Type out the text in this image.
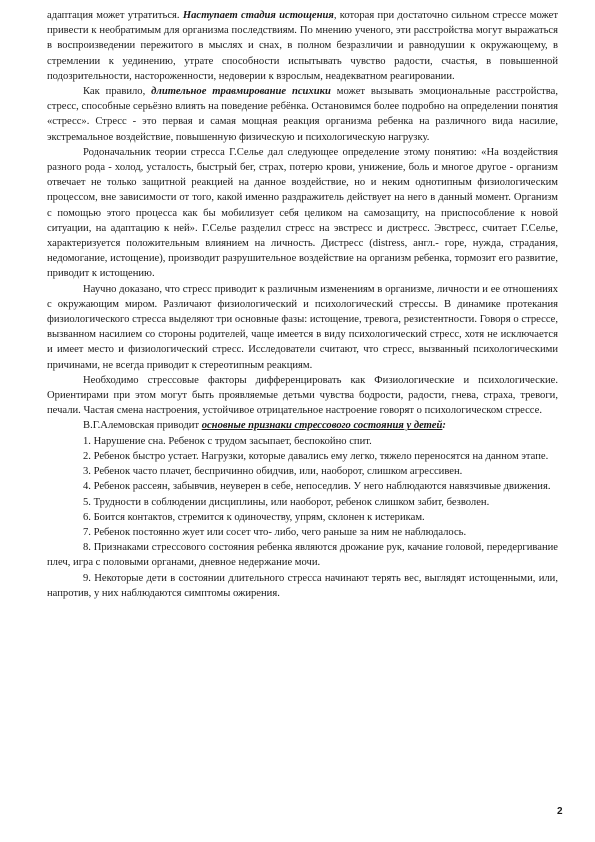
адаптация может утратиться. Наступает стадия истощения, которая при достаточно сильном стрессе может привести к необратимым для организма последствиям. По мнению ученого, эти расстройства могут выражаться в воспроизведении пережитого в мыслях и снах, в полном безразличии и равнодушии к окружающему, в стремлении к уединению, утрате способности испытывать чувство радости, счастья, в повышенной подозрительности, настороженности, недоверии к взрослым, неадекватном реагировании.

Как правило, длительное травмирование психики может вызывать эмоциональные расстройства, стресс, способные серьёзно влиять на поведение ребёнка. Остановимся более подробно на определении понятия «стресс». Стресс - это первая и самая мощная реакция организма ребенка на различного вида насилие, экстремальное воздействие, повышенную физическую и психологическую нагрузку.

Родоначальник теории стресса Г.Селье дал следующее определение этому понятию: «На воздействия разного рода - холод, усталость, быстрый бег, страх, потерю крови, унижение, боль и многое другое - организм отвечает не только защитной реакцией на данное воздействие, но и неким однотипным физиологическим процессом, вне зависимости от того, какой именно раздражитель действует на него в данный момент. Организм с помощью этого процесса как бы мобилизует себя целиком на самозащиту, на приспособление к новой ситуации, на адаптацию к ней». Г.Селье разделил стресс на эвстресс и дистресс. Эвстресс, считает Г.Селье, характеризуется положительным влиянием на личность. Дистресс (distress, англ.- горе, нужда, страдания, недомогание, истощение), производит разрушительное воздействие на организм ребенка, тормозит его развитие, приводит к истощению.

Научно доказано, что стресс приводит к различным изменениям в организме, личности и ее отношениях с окружающим миром. Различают физиологический и психологический стрессы. В динамике протекания физиологического стресса выделяют три основные фазы: истощение, тревога, резистентности. Говоря о стрессе, вызванном насилием со стороны родителей, чаще имеется в виду психологический стресс, хотя не исключается и имеет место и физиологический стресс. Исследователи считают, что стресс, вызванный психологическими причинами, не всегда приводит к стереотипным реакциям.

Необходимо стрессовые факторы дифференцировать как Физиологические и психологические. Ориентирами при этом могут быть проявляемые детьми чувства бодрости, радости, гнева, страха, тревоги, печали. Частая смена настроения, устойчивое отрицательное настроение говорят о психологическом стрессе.

В.Г.Алемовская приводит основные признаки стрессового состояния у детей:

1. Нарушение сна. Ребенок с трудом засыпает, беспокойно спит.

2. Ребенок быстро устает. Нагрузки, которые давались ему легко, тяжело переносятся на данном этапе.

3. Ребенок часто плачет, беспричинно обидчив, или, наоборот, слишком агрессивен.

4. Ребенок рассеян, забывчив, неуверен в себе, непоседлив. У него наблюдаются навязчивые движения.

5. Трудности в соблюдении дисциплины, или наоборот, ребенок слишком забит, безволен.

6. Боится контактов, стремится к одиночеству, упрям, склонен к истерикам.

7. Ребенок постоянно жует или сосет что- либо, чего раньше за ним не наблюдалось.

8. Признаками стрессового состояния ребенка являются дрожание рук, качание головой, передергивание плеч, игра с половыми органами, дневное недержание мочи.

9. Некоторые дети в состоянии длительного стресса начинают терять вес, выглядят истощенными, или, напротив, у них наблюдаются симптомы ожирения.

2
